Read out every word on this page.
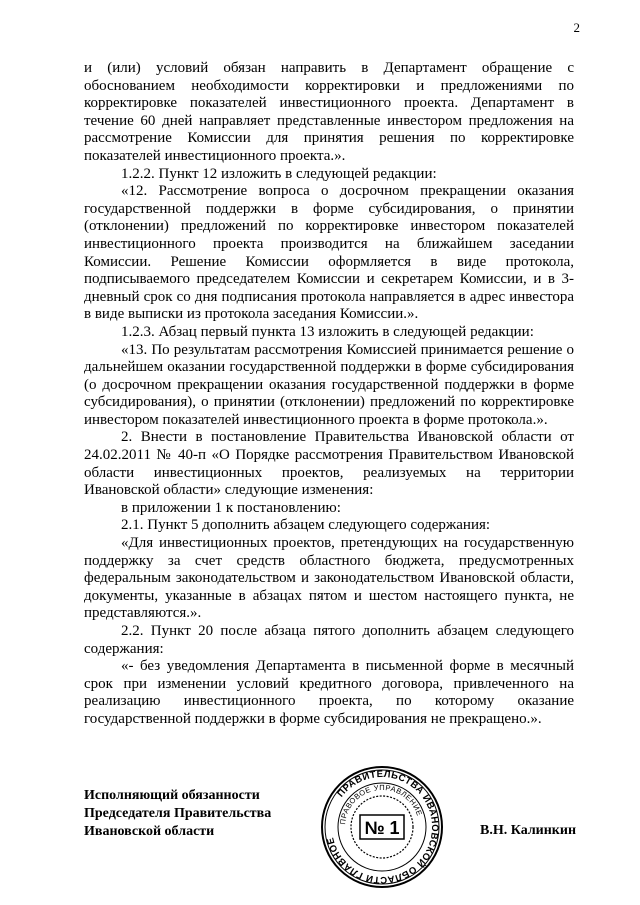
2

и (или) условий обязан направить в Департамент обращение с обоснованием необходимости корректировки и предложениями по корректировке показателей инвестиционного проекта. Департамент в течение 60 дней направляет представленные инвестором предложения на рассмотрение Комиссии для принятия решения по корректировке показателей инвестиционного проекта.».

1.2.2. Пункт 12 изложить в следующей редакции:

«12. Рассмотрение вопроса о досрочном прекращении оказания государственной поддержки в форме субсидирования, о принятии (отклонении) предложений по корректировке инвестором показателей инвестиционного проекта производится на ближайшем заседании Комиссии. Решение Комиссии оформляется в виде протокола, подписываемого председателем Комиссии и секретарем Комиссии, и в 3-дневный срок со дня подписания протокола направляется в адрес инвестора в виде выписки из протокола заседания Комиссии.».

1.2.3. Абзац первый пункта 13 изложить в следующей редакции:

«13. По результатам рассмотрения Комиссией принимается решение о дальнейшем оказании государственной поддержки в форме субсидирования (о досрочном прекращении оказания государственной поддержки в форме субсидирования), о принятии (отклонении) предложений по корректировке инвестором показателей инвестиционного проекта в форме протокола.».

2. Внести в постановление Правительства Ивановской области от 24.02.2011 № 40-п «О Порядке рассмотрения Правительством Ивановской области инвестиционных проектов, реализуемых на территории Ивановской области» следующие изменения:

в приложении 1 к постановлению:

2.1. Пункт 5 дополнить абзацем следующего содержания:

«Для инвестиционных проектов, претендующих на государственную поддержку за счет средств областного бюджета, предусмотренных федеральным законодательством и законодательством Ивановской области, документы, указанные в абзацах пятом и шестом настоящего пункта, не представляются.».

2.2. Пункт 20 после абзаца пятого дополнить абзацем следующего содержания:

«- без уведомления Департамента в письменной форме в месячный срок при изменении условий кредитного договора, привлеченного на реализацию инвестиционного проекта, по которому оказание государственной поддержки в форме субсидирования не прекращено.».

Исполняющий обязанности
Председателя Правительства
Ивановской области
ПРАВИТЕЛЬСТВА ИВАНОВСКОЙ ОБЛАСТИ ГЛАВНОЕ
ПРАВОВОЕ УПРАВЛЕНИЕ
№ 1	В.Н. Калинкин
